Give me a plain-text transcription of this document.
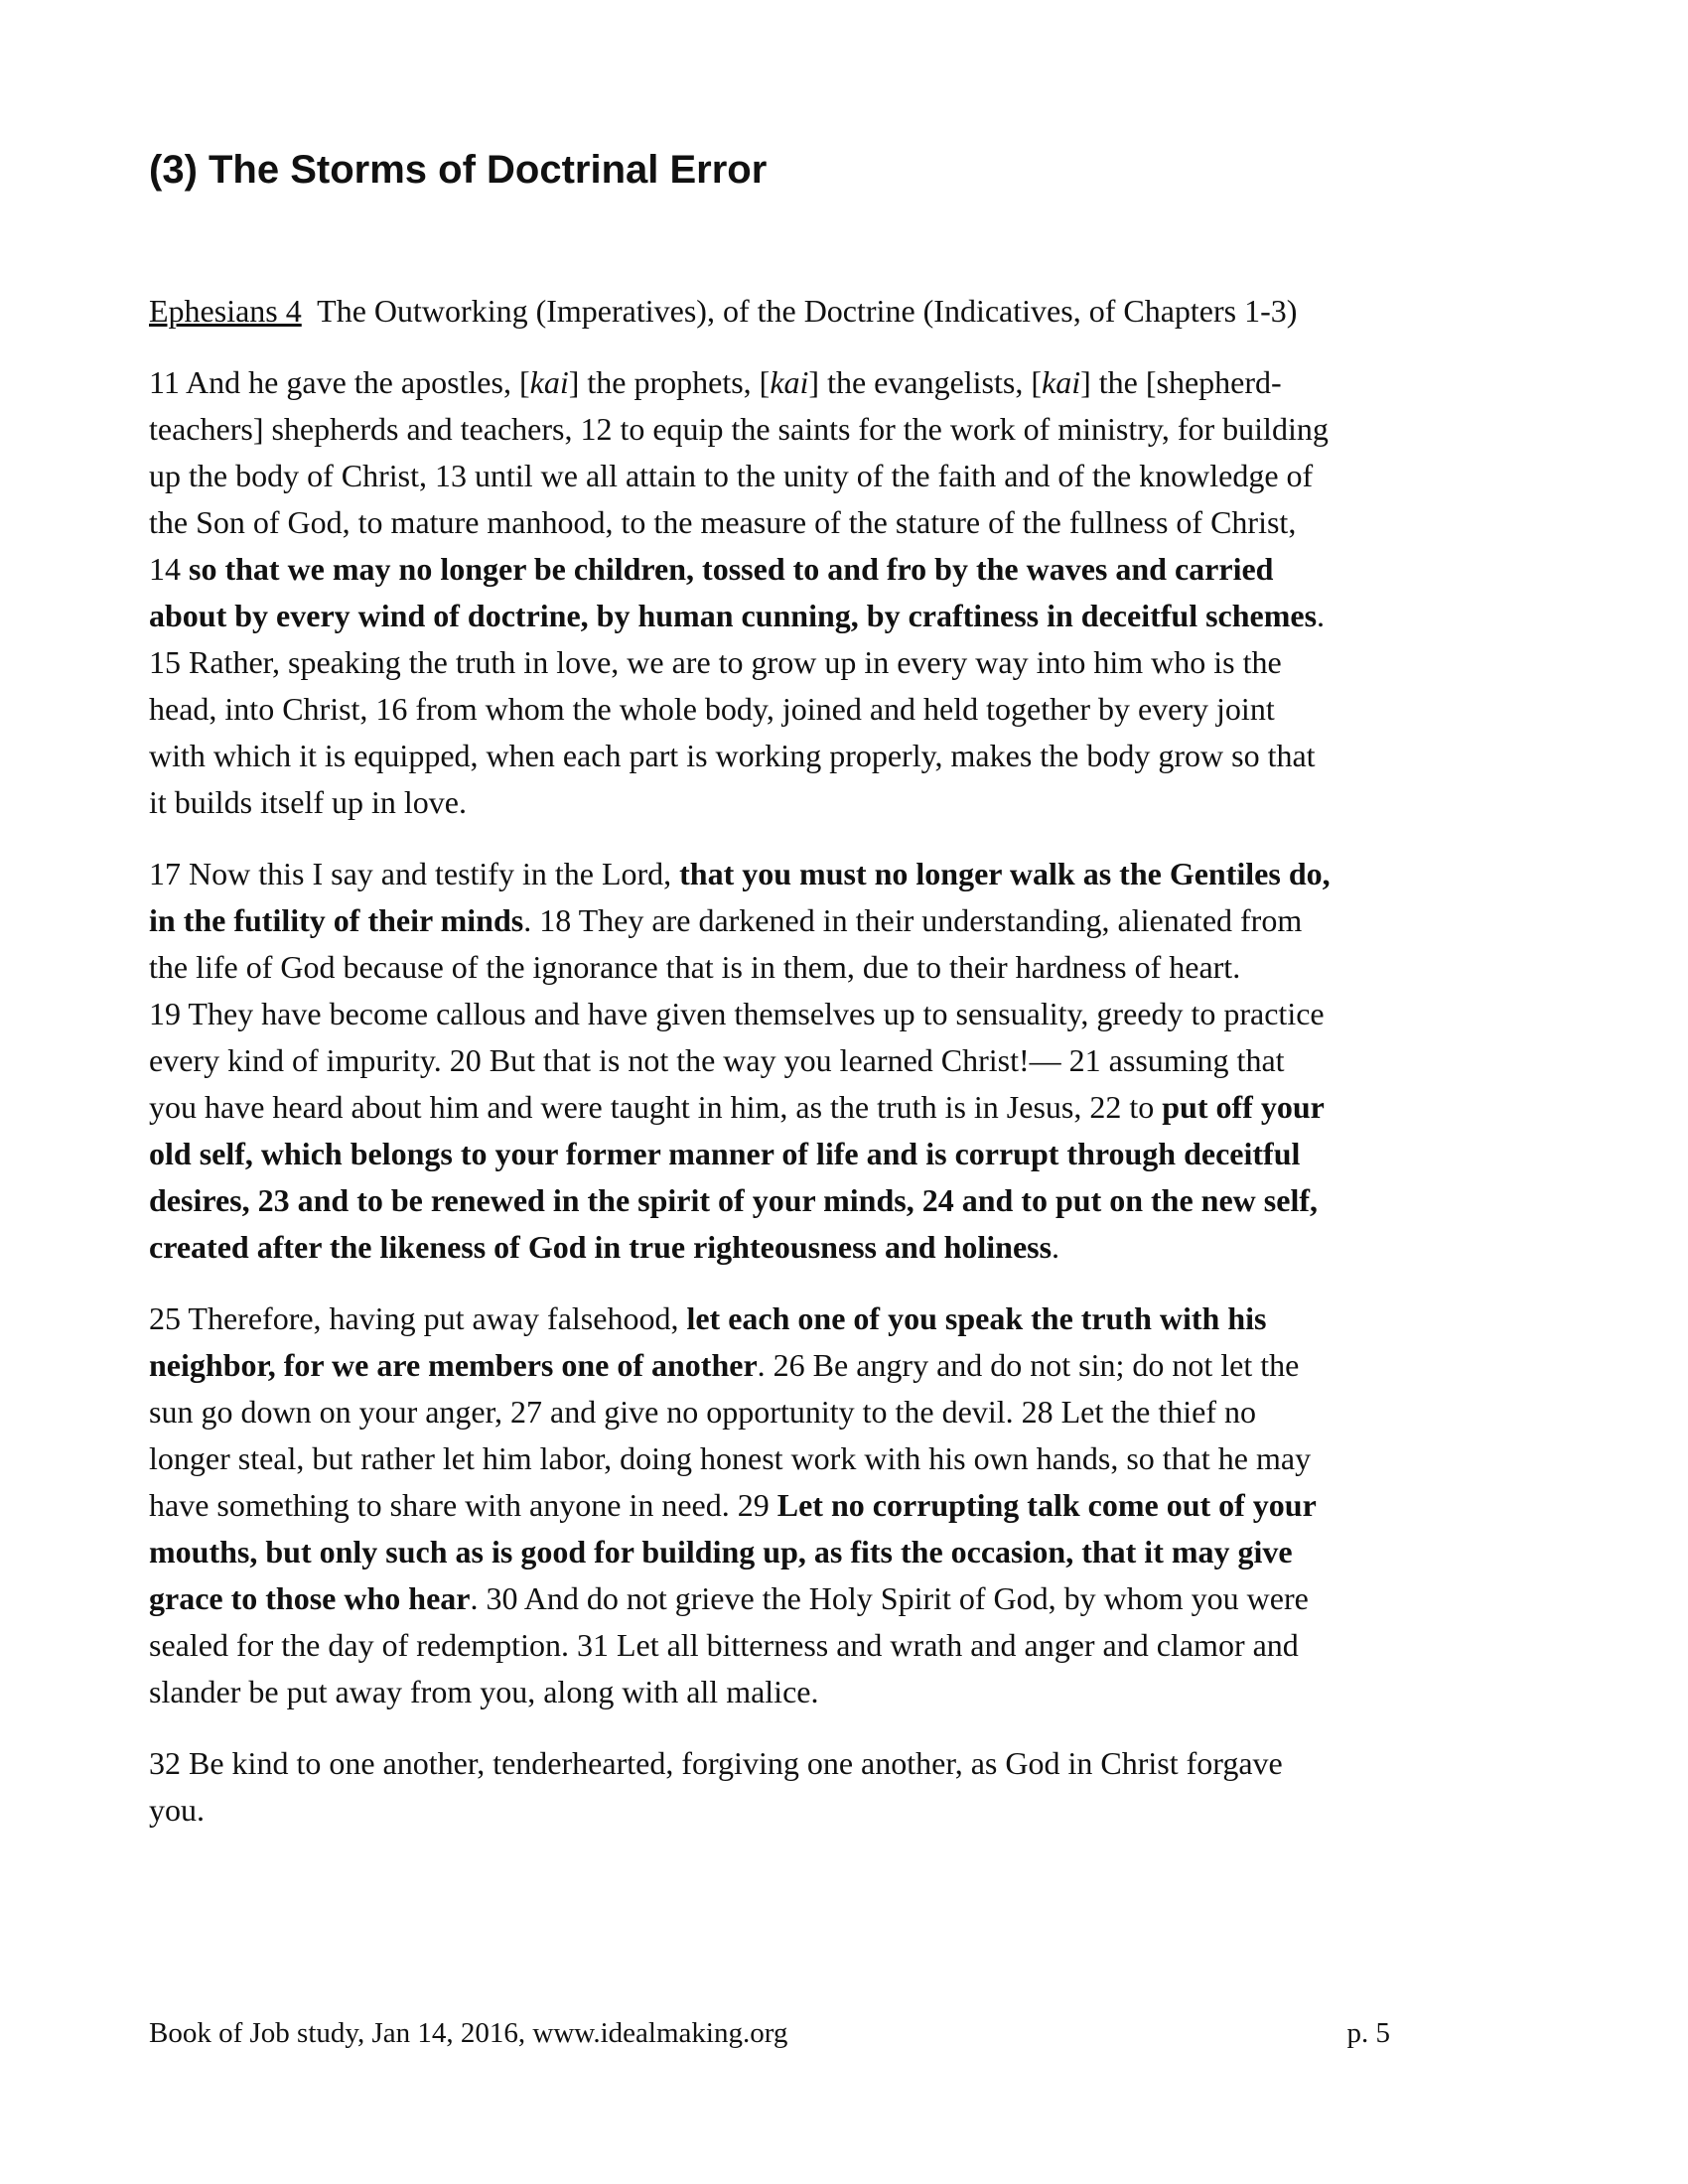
(3) The Storms of Doctrinal Error

Ephesians 4 The Outworking (Imperatives), of the Doctrine (Indicatives, of Chapters 1-3)

11 And he gave the apostles, [kai] the prophets, [kai] the evangelists, [kai] the [shepherd-
teachers] shepherds and teachers, 12 to equip the saints for the work of ministry, for building
up the body of Christ, 13 until we all attain to the unity of the faith and of the knowledge of
the Son of God, to mature manhood, to the measure of the stature of the fullness of Christ,
14 so that we may no longer be children, tossed to and fro by the waves and carried
about by every wind of doctrine, by human cunning, by craftiness in deceitful schemes.
15 Rather, speaking the truth in love, we are to grow up in every way into him who is the
head, into Christ, 16 from whom the whole body, joined and held together by every joint
with which it is equipped, when each part is working properly, makes the body grow so that
it builds itself up in love.

17 Now this I say and testify in the Lord, that you must no longer walk as the Gentiles do,
in the futility of their minds. 18 They are darkened in their understanding, alienated from
the life of God because of the ignorance that is in them, due to their hardness of heart.
19 They have become callous and have given themselves up to sensuality, greedy to practice
every kind of impurity. 20 But that is not the way you learned Christ!— 21 assuming that
you have heard about him and were taught in him, as the truth is in Jesus, 22 to put off your
old self, which belongs to your former manner of life and is corrupt through deceitful
desires, 23 and to be renewed in the spirit of your minds, 24 and to put on the new self,
created after the likeness of God in true righteousness and holiness.

25 Therefore, having put away falsehood, let each one of you speak the truth with his
neighbor, for we are members one of another. 26 Be angry and do not sin; do not let the
sun go down on your anger, 27 and give no opportunity to the devil. 28 Let the thief no
longer steal, but rather let him labor, doing honest work with his own hands, so that he may
have something to share with anyone in need. 29 Let no corrupting talk come out of your
mouths, but only such as is good for building up, as fits the occasion, that it may give
grace to those who hear. 30 And do not grieve the Holy Spirit of God, by whom you were
sealed for the day of redemption. 31 Let all bitterness and wrath and anger and clamor and
slander be put away from you, along with all malice.

32 Be kind to one another, tenderhearted, forgiving one another, as God in Christ forgave
you.

Book of Job study, Jan 14, 2016, www.idealmaking.org	p. 5
